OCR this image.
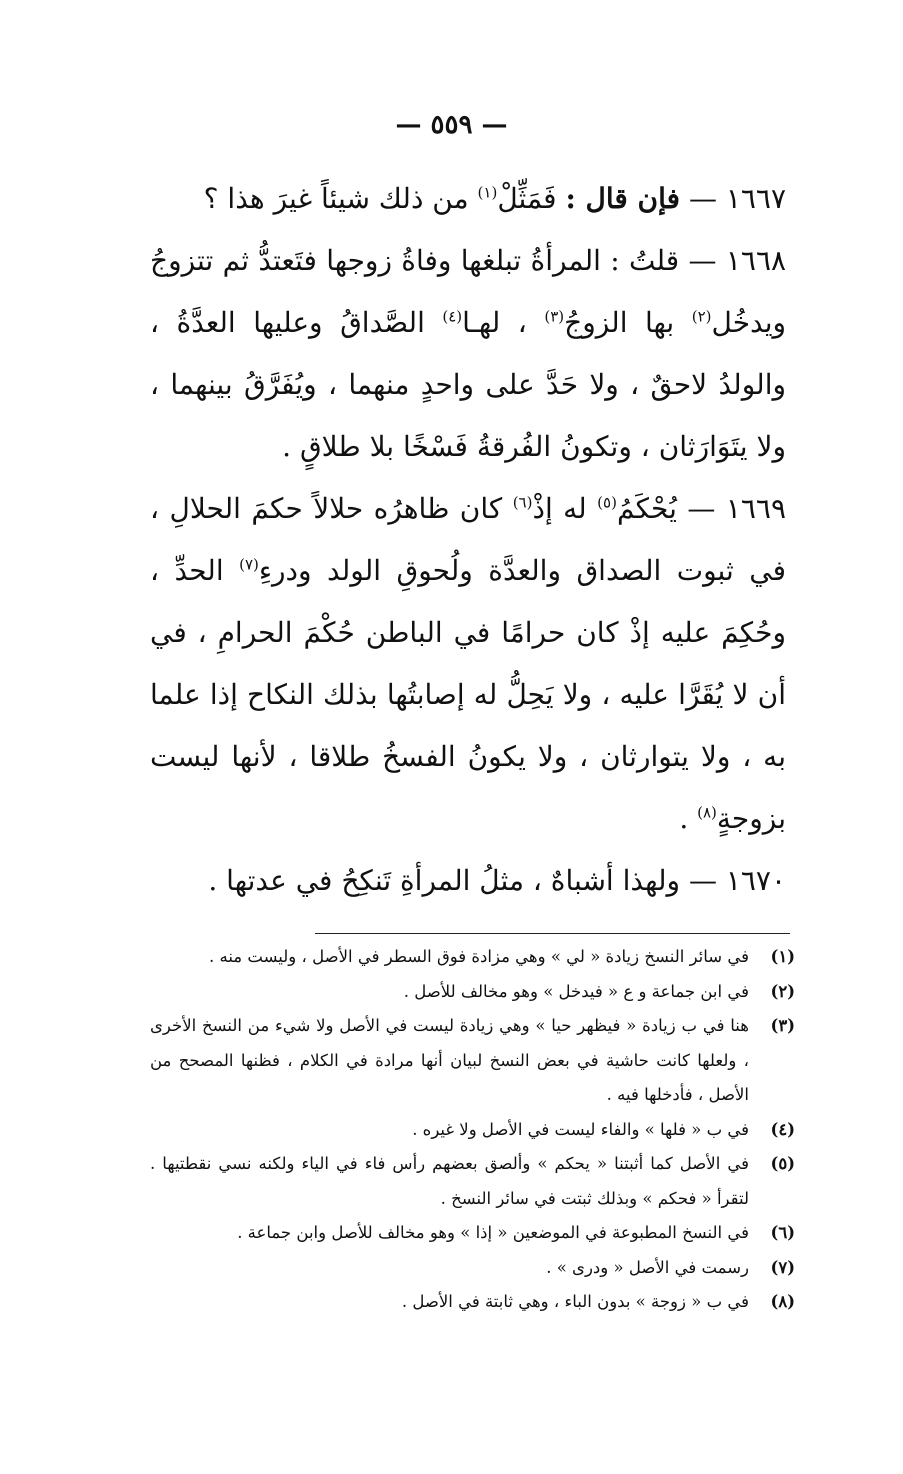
— ٥٥٩ —

١٦٦٧ — فإن قال : فَمَثِّلْ$^{(١)}$ من ذلك شيئاً غيرَ هذا ؟

١٦٦٨ — قلتُ : المرأةُ تبلغها وفاةُ زوجها فتَعتدُّ ثم تتزوجُ ويدخُل$^{(٢)}$ بها الزوجُ$^{(٣)}$ ، لهـا$^{(٤)}$ الصَّداقُ وعليها العدَّةُ ، والولدُ لاحقٌ ، ولا حَدَّ على واحدٍ منهما ، ويُفَرَّقُ بينهما ، ولا يتَوَارَثان ، وتكونُ الفُرقةُ فَسْخًا بلا طلاقٍ .

١٦٦٩ — يُحْكَمُ$^{(٥)}$ له إذْ$^{(٦)}$ كان ظاهرُه حلالاً حكمَ الحلالِ ، في ثبوت الصداق والعدَّة ولُحوقِ الولد ودرءِ$^{(٧)}$ الحدِّ ، وحُكِمَ عليه إذْ كان حرامًا في الباطن حُكْمَ الحرامِ ، في أن لا يُقَرَّا عليه ، ولا يَحِلُّ له إصابتُها بذلك النكاح إذا علما به ، ولا يتوارثان ، ولا يكونُ الفسخُ طلاقا ، لأنها ليست بزوجةٍ$^{(٨)}$ .

١٦٧٠ — ولهذا أشباهٌ ، مثلُ المرأةِ تَنكِحُ في عدتها .

(١)
في سائر النسخ زيادة « لي » وهي مزادة فوق السطر في الأصل ، وليست منه .
(٢)
في ابن جماعة و ع « فيدخل » وهو مخالف للأصل .
(٣)
هنا في ب زيادة « فيظهر حيا » وهي زيادة ليست في الأصل ولا شيء من النسخ الأخرى ، ولعلها كانت حاشية في بعض النسخ لبيان أنها مرادة في الكلام ، فظنها المصحح من الأصل ، فأدخلها فيه .
(٤)
في ب « فلها » والفاء ليست في الأصل ولا غيره .
(٥)
في الأصل كما أثبتنا « يحكم » وألصق بعضهم رأس فاء في الياء ولكنه نسي نقطتيها . لتقرأ « فحكم » وبذلك ثبتت في سائر النسخ .
(٦)
في النسخ المطبوعة في الموضعين « إذا » وهو مخالف للأصل وابن جماعة .
(٧)
رسمت في الأصل « ودرى » .
(٨)
في ب « زوجة » بدون الباء ، وهي ثابتة في الأصل .
